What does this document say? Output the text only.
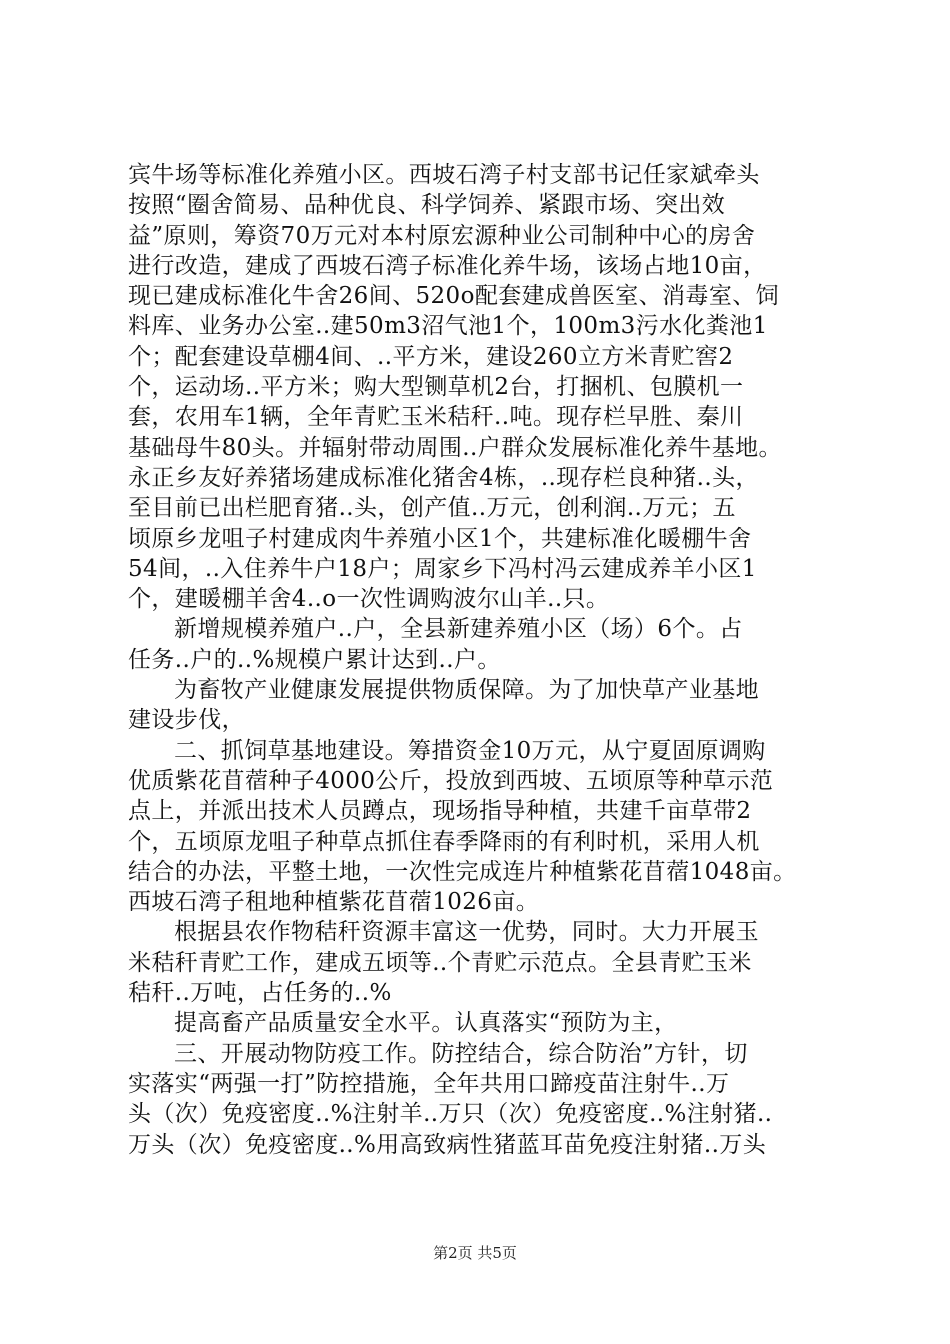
宾牛场等标准化养殖小区。西坡石湾子村支部书记任家斌牵头
按照“圈舍简易、品种优良、科学饲养、紧跟市场、突出效
益”原则，筹资70万元对本村原宏源种业公司制种中心的房舍
进行改造，建成了西坡石湾子标准化养牛场，该场占地10亩，
现已建成标准化牛舍26间、520o配套建成兽医室、消毒室、饲
料库、业务办公室..建50m3沼气池1个，100m3污水化粪池1
个；配套建设草棚4间、..平方米，建设260立方米青贮窖2
个，运动场..平方米；购大型铡草机2台，打捆机、包膜机一
套，农用车1辆，全年青贮玉米秸秆..吨。现存栏早胜、秦川
基础母牛80头。并辐射带动周围..户群众发展标准化养牛基地。
永正乡友好养猪场建成标准化猪舍4栋，..现存栏良种猪..头，
至目前已出栏肥育猪..头，创产值..万元，创利润..万元；五
顷原乡龙咀子村建成肉牛养殖小区1个，共建标准化暖棚牛舍
54间，..入住养牛户18户；周家乡下冯村冯云建成养羊小区1
个，建暖棚羊舍4..o一次性调购波尔山羊..只。
新增规模养殖户..户，全县新建养殖小区（场）6个。占
任务..户的..%规模户累计达到..户。
为畜牧产业健康发展提供物质保障。为了加快草产业基地
建设步伐，
二、抓饲草基地建设。筹措资金10万元，从宁夏固原调购
优质紫花苜蓿种子4000公斤，投放到西坡、五顷原等种草示范
点上，并派出技术人员蹲点，现场指导种植，共建千亩草带2
个，五顷原龙咀子种草点抓住春季降雨的有利时机，采用人机
结合的办法，平整土地，一次性完成连片种植紫花苜蓿1048亩。
西坡石湾子租地种植紫花苜蓿1026亩。
根据县农作物秸秆资源丰富这一优势，同时。大力开展玉
米秸秆青贮工作，建成五顷等..个青贮示范点。全县青贮玉米
秸秆..万吨，占任务的..%
提高畜产品质量安全水平。认真落实“预防为主，
三、开展动物防疫工作。防控结合，综合防治”方针，切
实落实“两强一打”防控措施，全年共用口蹄疫苗注射牛..万
头（次）免疫密度..%注射羊..万只（次）免疫密度..%注射猪..
万头（次）免疫密度..%用高致病性猪蓝耳苗免疫注射猪..万头
第2页 共5页
